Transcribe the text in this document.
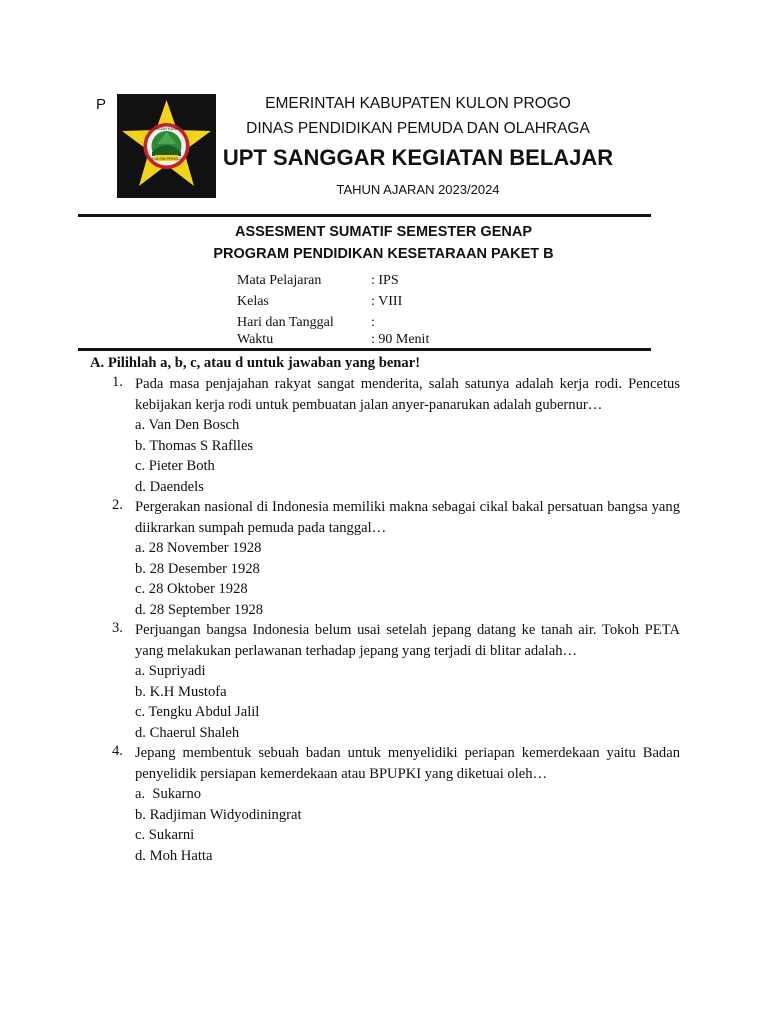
P
KULON PROGO
PEMERINTAH KABUPATEN
EMERINTAH KABUPATEN KULON PROGO
DINAS PENDIDIKAN PEMUDA DAN OLAHRAGA
UPT SANGGAR KEGIATAN BELAJAR
TAHUN AJARAN 2023/2024
ASSESMENT SUMATIF SEMESTER GENAP
PROGRAM PENDIDIKAN KESETARAAN PAKET B
Mata Pelajaran	: IPS
Kelas	: VIII
Hari dan Tanggal	:
Waktu	: 90 Menit
A. Pilihlah a, b, c, atau d untuk jawaban yang benar!
1. Pada masa penjajahan rakyat sangat menderita, salah satunya adalah kerja rodi. Pencetus kebijakan kerja rodi untuk pembuatan jalan anyer-panarukan adalah gubernur…
a. Van Den Bosch
b. Thomas S Raflles
c. Pieter Both
d. Daendels
2. Pergerakan nasional di Indonesia memiliki makna sebagai cikal bakal persatuan bangsa yang diikrarkan sumpah pemuda pada tanggal…
a. 28 November 1928
b. 28 Desember 1928
c. 28 Oktober 1928
d. 28 September 1928
3. Perjuangan bangsa Indonesia belum usai setelah jepang datang ke tanah air. Tokoh PETA yang melakukan perlawanan terhadap jepang yang terjadi di blitar adalah…
a. Supriyadi
b. K.H Mustofa
c. Tengku Abdul Jalil
d. Chaerul Shaleh
4. Jepang membentuk sebuah badan untuk menyelidiki periapan kemerdekaan yaitu Badan penyelidik persiapan kemerdekaan atau BPUPKI yang diketuai oleh…
a.  Sukarno
b. Radjiman Widyodiningrat
c. Sukarni
d. Moh Hatta
